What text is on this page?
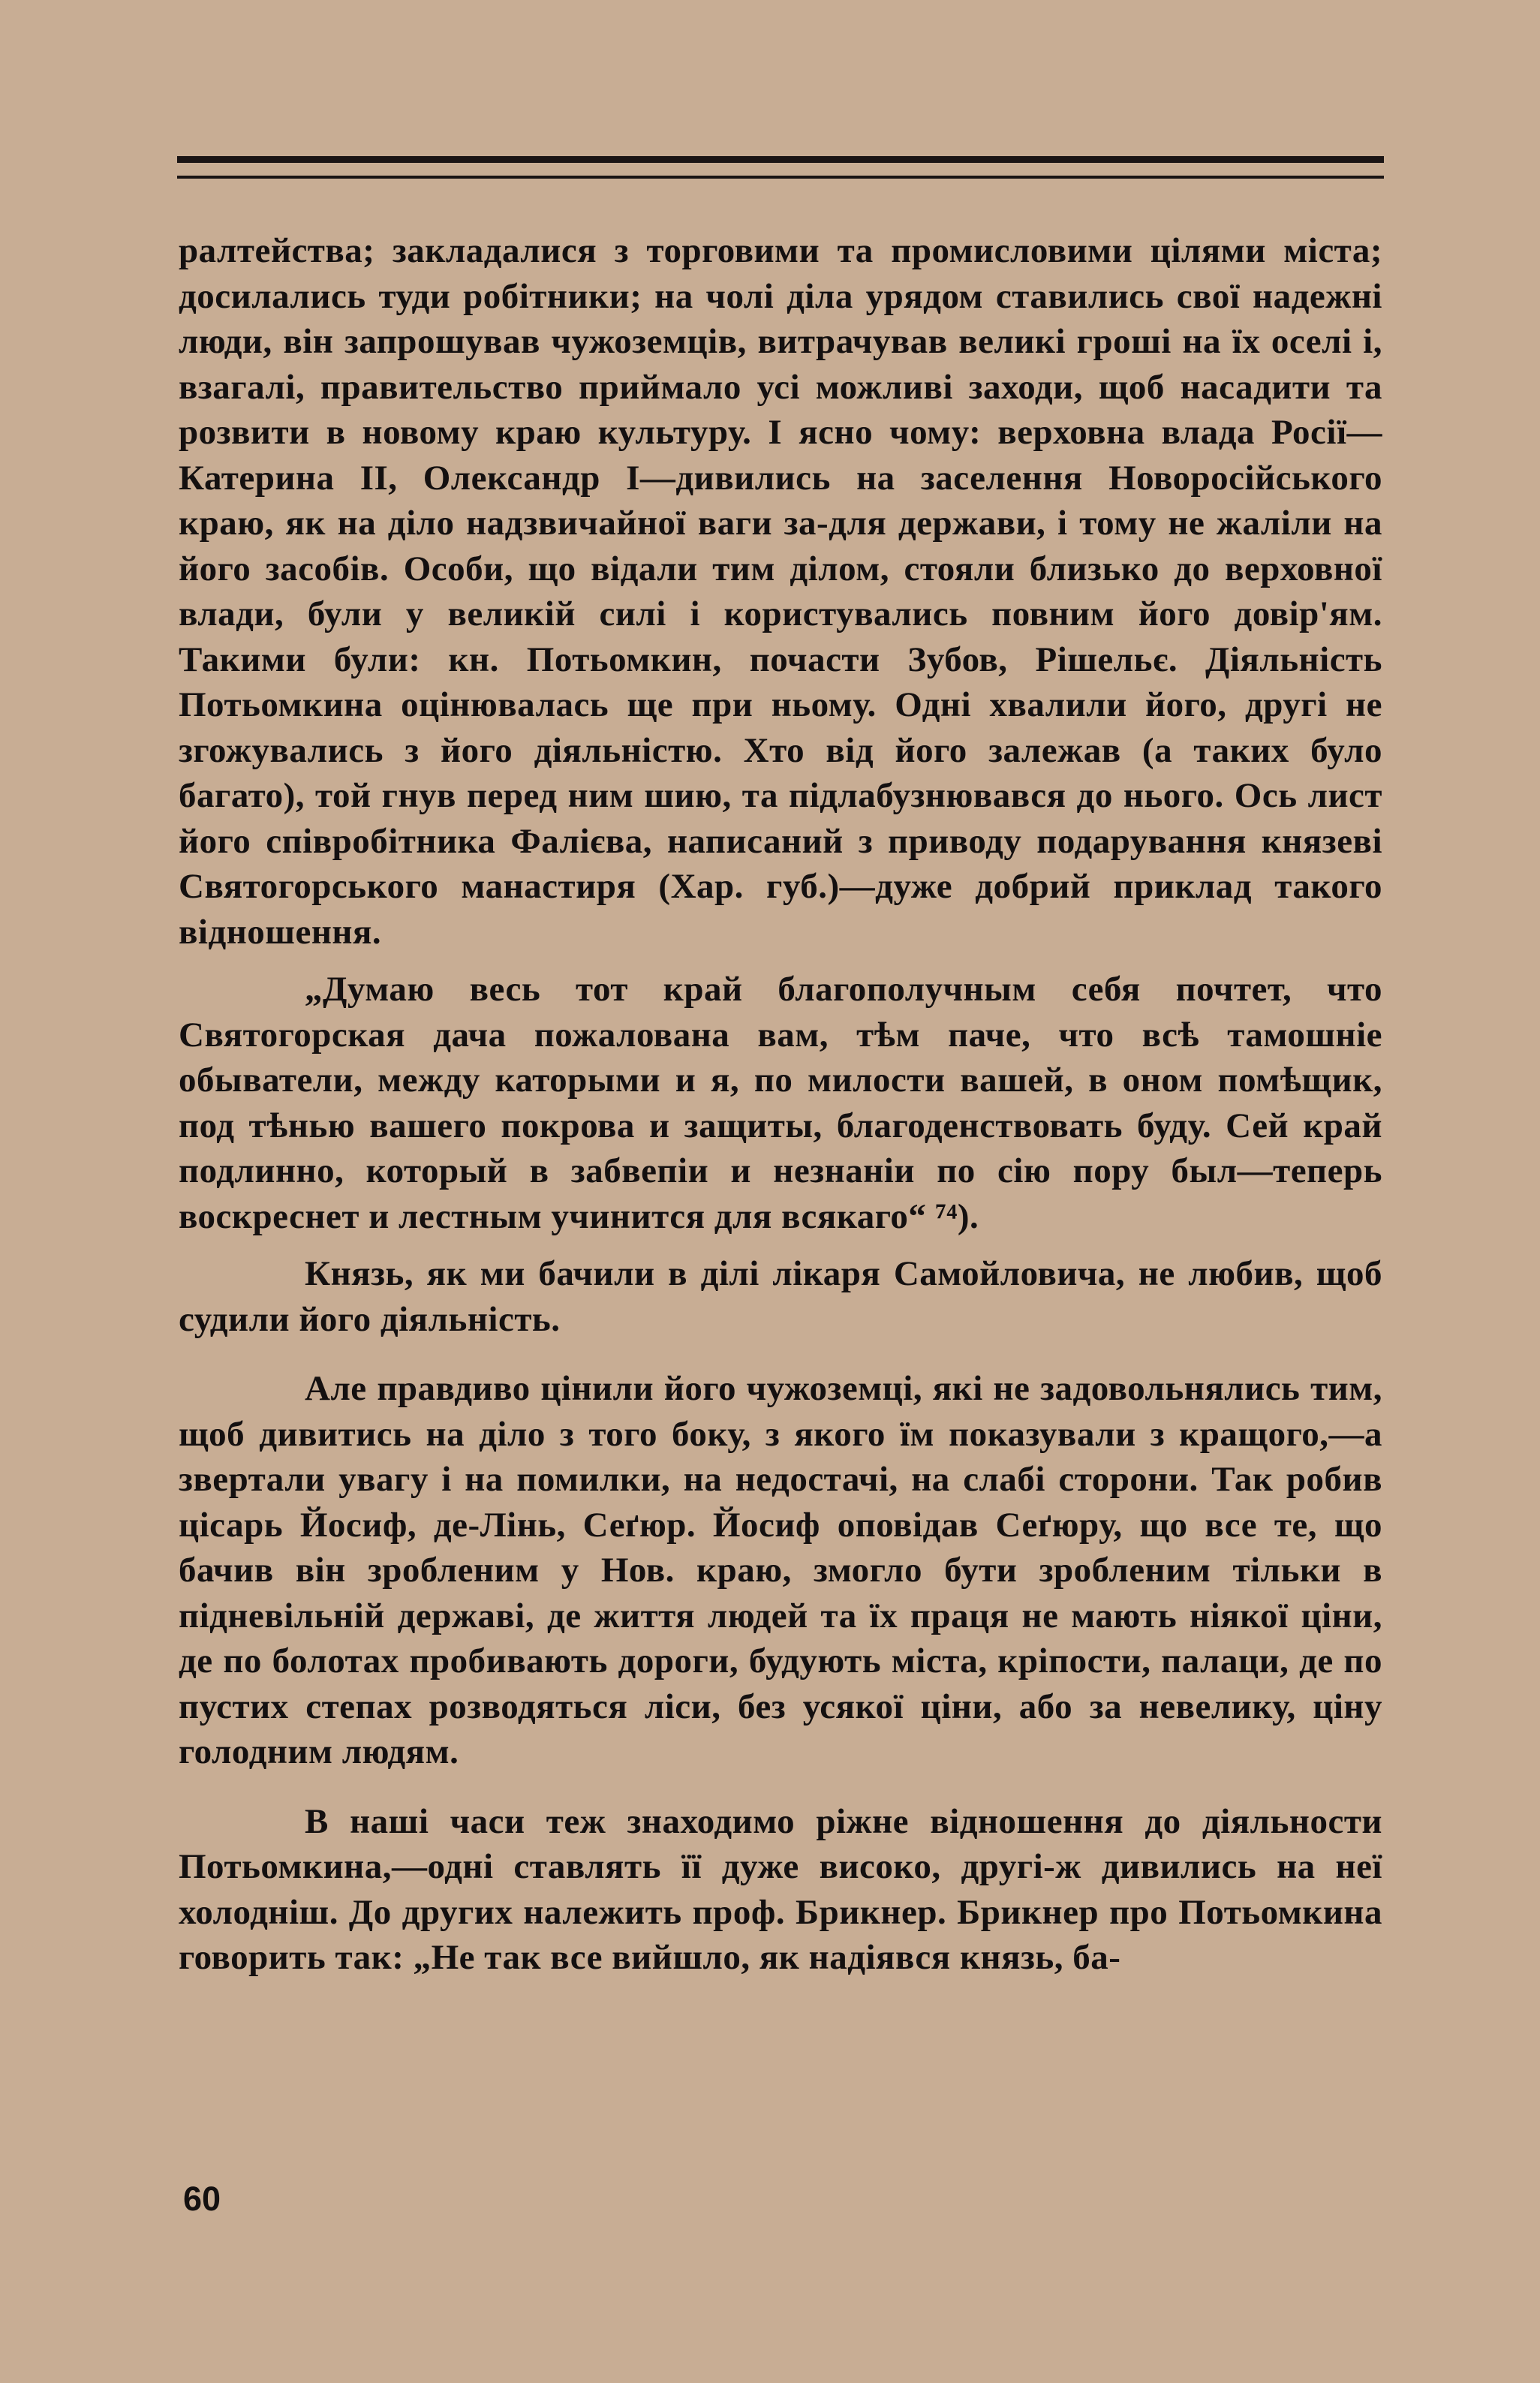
ралтейства; закладалися з торговими та промисловими цілями міста; досилались туди робітники; на чолі діла урядом ставились свої надежні люди, він запрошував чужоземців, витрачував великі гроші на їх оселі і, взагалі, правительство приймало усі можливі заходи, щоб насадити та розвити в новому краю культуру. І ясно чому: верховна влада Росії—Катерина II, Олександр I—дивились на заселення Новоросійського краю, як на діло надзвичайної ваги за-для держави, і тому не жаліли на його засобів. Особи, що відали тим ділом, стояли близько до верховної влади, були у великій силі і користувались повним його довір'ям. Такими були: кн. Потьомкин, почасти Зубов, Рішельє. Діяльність Потьомкина оцінювалась ще при ньому. Одні хвалили його, другі не згожувались з його діяльністю. Хто від його залежав (а таких було багато), той гнув перед ним шию, та підлабузнювався до нього. Ось лист його співробітника Фалієва, написаний з приводу подарування князеві Святогорського манастиря (Хар. губ.)—дуже добрий приклад такого відношення.

„Думаю весь тот край благополучным себя почтет, что Святогорская дача пожалована вам, тѣм паче, что всѣ тамошніе обыватели, между каторыми и я, по милости вашей, в оном помѣщик, под тѣнью вашего покрова и защиты, благоденствовать буду. Сей край подлинно, который в забвепіи и незнаніи по сію пору был—теперь воскреснет и лестным учинится для всякаго“ ⁷⁴).

Князь, як ми бачили в ділі лікаря Самойловича, не любив, щоб судили його діяльність.

Але правдиво цінили його чужоземці, які не задовольнялись тим, щоб дивитись на діло з того боку, з якого їм показували з кращого,—а звертали увагу і на помилки, на недостачі, на слабі сторони. Так робив цісарь Йосиф, де-Лінь, Сеґюр. Йосиф оповідав Сеґюру, що все те, що бачив він зробленим у Нов. краю, змогло бути зробленим тільки в підневільній державі, де життя людей та їх праця не мають ніякої ціни, де по болотах пробивають дороги, будують міста, кріпости, палаци, де по пустих степах розводяться ліси, без усякої ціни, або за невелику, ціну голодним людям.

В наші часи теж знаходимо ріжне відношення до діяльности Потьомкина,—одні ставлять її дуже високо, другі-ж дивились на неї холодніш. До других належить проф. Брикнер. Брикнер про Потьомкина говорить так: „Не так все вийшло, як надіявся князь, ба-

60
